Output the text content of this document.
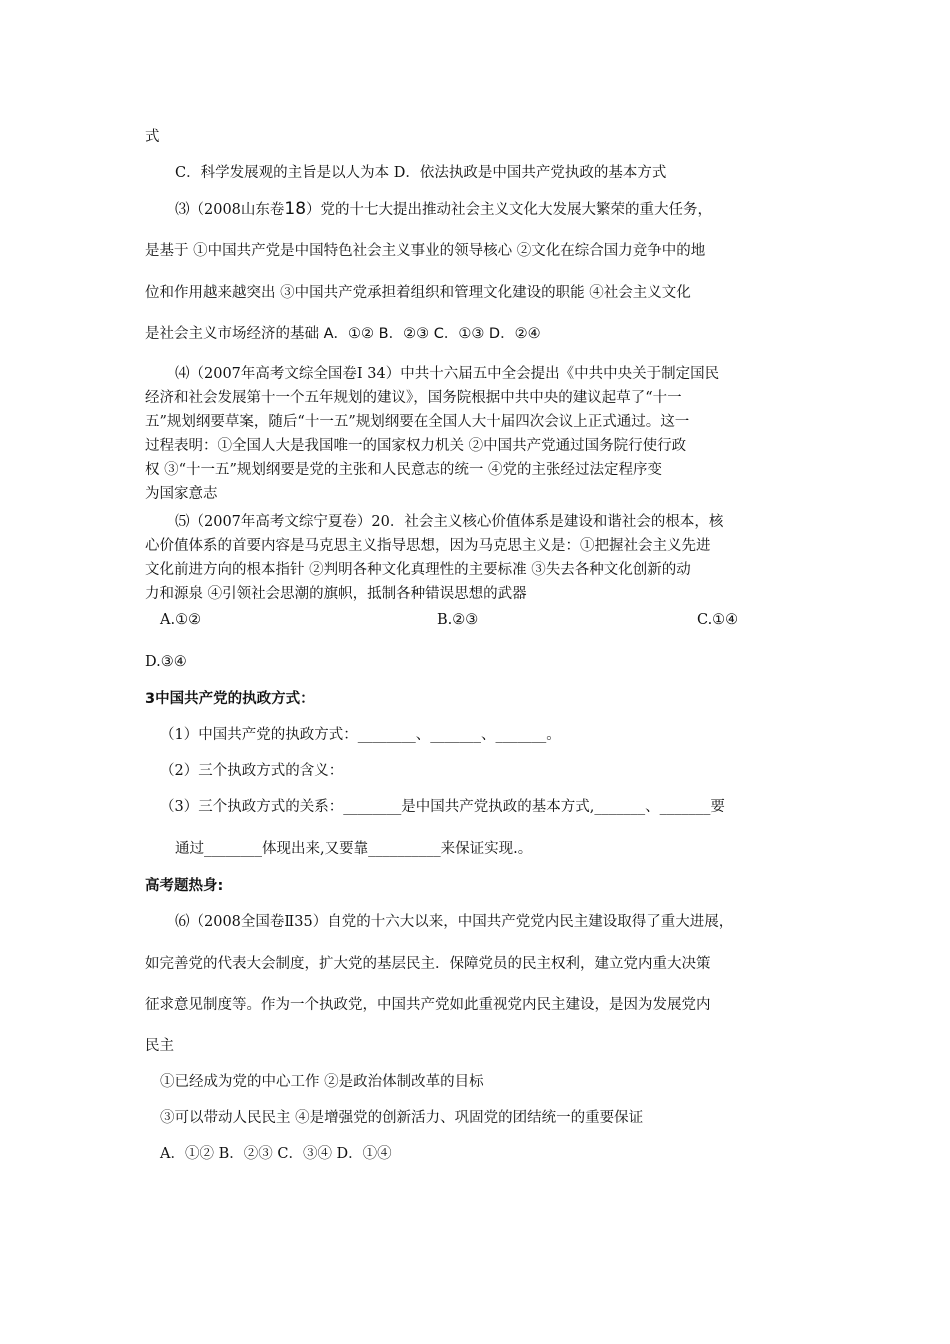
式
C．科学发展观的主旨是以人为本 D．依法执政是中国共产党执政的基本方式
⑶（2008山东卷18）党的十七大提出推动社会主义文化大发展大繁荣的重大任务，
是基于 ①中国共产党是中国特色社会主义事业的领导核心 ②文化在综合国力竞争中的地
位和作用越来越突出 ③中国共产党承担着组织和管理文化建设的职能 ④社会主义文化
是社会主义市场经济的基础 A．①② B．②③ C．①③ D．②④
⑷（2007年高考文综全国卷Ⅰ 34）中共十六届五中全会提出《中共中央关于制定国民
经济和社会发展第十一个五年规划的建议》，国务院根据中共中央的建议起草了“十一
五”规划纲要草案，随后“十一五”规划纲要在全国人大十届四次会议上正式通过。这一
过程表明：①全国人大是我国唯一的国家权力机关 ②中国共产党通过国务院行使行政
权 ③“十一五”规划纲要是党的主张和人民意志的统一 ④党的主张经过法定程序变
为国家意志
⑸（2007年高考文综宁夏卷）20．社会主义核心价值体系是建设和谐社会的根本，核
心价值体系的首要内容是马克思主义指导思想，因为马克思主义是：①把握社会主义先进
文化前进方向的根本指针 ②判明各种文化真理性的主要标准 ③失去各种文化创新的动
力和源泉 ④引领社会思潮的旗帜，抵制各种错误思想的武器
A.①②	B.②③	C.①④
D.③④
3中国共产党的执政方式：
（1）中国共产党的执政方式：________、_______、_______。
（2）三个执政方式的含义：
（3）三个执政方式的关系：________是中国共产党执政的基本方式,_______、_______要
通过________体现出来,又要靠__________来保证实现.。
高考题热身:
⑹（2008全国卷Ⅱ35）自党的十六大以来，中国共产党党内民主建设取得了重大进展，
如完善党的代表大会制度，扩大党的基层民主．保障党员的民主权利，建立党内重大决策
征求意见制度等。作为一个执政党，中国共产党如此重视党内民主建设，是因为发展党内
民主
①已经成为党的中心工作 ②是政治体制改革的目标
③可以带动人民民主 ④是增强党的创新活力、巩固党的团结统一的重要保证
A．①② B．②③ C．③④ D．①④
